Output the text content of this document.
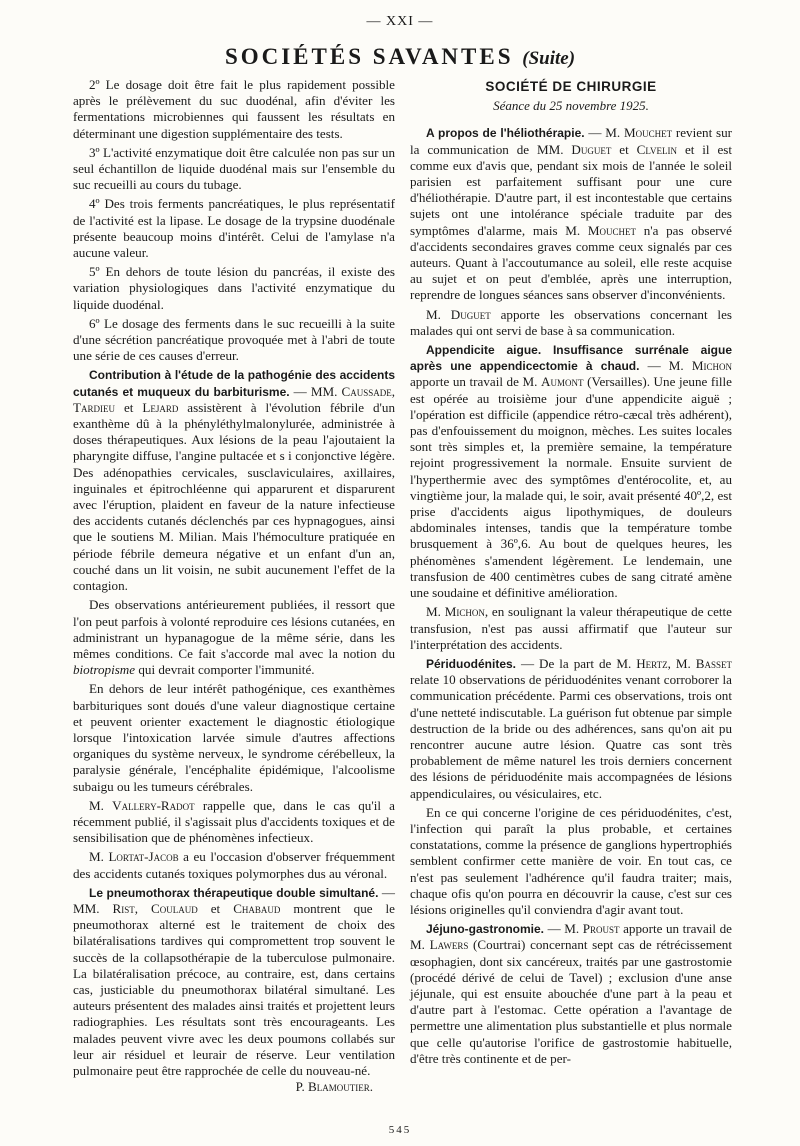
— XXI —
SOCIÉTÉS SAVANTES (Suite)

2º Le dosage doit être fait le plus rapidement possible après le prélèvement du suc duodénal, afin d'éviter les fermentations microbiennes qui faussent les résultats en déterminant une digestion supplémentaire des tests.

3º L'activité enzymatique doit être calculée non pas sur un seul échantillon de liquide duodénal mais sur l'ensemble du suc recueilli au cours du tubage.

4º Des trois ferments pancréatiques, le plus représentatif de l'activité est la lipase. Le dosage de la trypsine duodénale présente beaucoup moins d'intérêt. Celui de l'amylase n'a aucune valeur.

5º En dehors de toute lésion du pancréas, il existe des variation physiologiques dans l'activité enzymatique du liquide duodénal.

6º Le dosage des ferments dans le suc recueilli à la suite d'une sécrétion pancréatique provoquée met à l'abri de toute une série de ces causes d'erreur.

Contribution à l'étude de la pathogénie des accidents cutanés et muqueux du barbiturisme. — MM. Caussade, Tardieu et Lejard assistèrent à l'évolution fébrile d'un exanthème dû à la phényléthylmalonylurée, administrée à doses thérapeutiques. Aux lésions de la peau l'ajoutaient la pharyngite diffuse, l'angine pultacée et s i conjonctive légère. Des adénopathies cervicales, susclaviculaires, axillaires, inguinales et épitrochléenne qui apparurent et disparurent avec l'éruption, plaident en faveur de la nature infectieuse des accidents cutanés déclenchés par ces hypnagogues, ainsi que le soutiens M. Milian. Mais l'hémoculture pratiquée en période fébrile demeura négative et un enfant d'un an, couché dans un lit voisin, ne subit aucunement l'effet de la contagion.

Des observations antérieurement publiées, il ressort que l'on peut parfois à volonté reproduire ces lésions cutanées, en administrant un hypanagogue de la même série, dans les mêmes conditions. Ce fait s'accorde mal avec la notion du biotropisme qui devrait comporter l'immunité.

En dehors de leur intérêt pathogénique, ces exanthèmes barbituriques sont doués d'une valeur diagnostique certaine et peuvent orienter exactement le diagnostic étiologique lorsque l'intoxication larvée simule d'autres affections organiques du système nerveux, le syndrome cérébelleux, la paralysie générale, l'encéphalite épidémique, l'alcoolisme subaigu ou les tumeurs cérébrales.

M. Vallery-Radot rappelle que, dans le cas qu'il a récemment publié, il s'agissait plus d'accidents toxiques et de sensibilisation que de phénomènes infectieux.

M. Lortat-Jacob a eu l'occasion d'observer fréquemment des accidents cutanés toxiques polymorphes dus au véronal.

Le pneumothorax thérapeutique double simultané. — MM. Rist, Coulaud et Chabaud montrent que le pneumothorax alterné est le traitement de choix des bilatéralisations tardives qui compromettent trop souvent le succès de la collapsothérapie de la tuberculose pulmonaire. La bilatéralisation précoce, au contraire, est, dans certains cas, justiciable du pneumothorax bilatéral simultané. Les auteurs présentent des malades ainsi traités et projettent leurs radiographies. Les résultats sont très encourageants. Les malades peuvent vivre avec les deux poumons collabés sur leur air résiduel et leurair de réserve. Leur ventilation pulmonaire peut être rapprochée de celle du nouveau-né.

P. Blamoutier.
SOCIÉTÉ DE CHIRURGIE
Séance du 25 novembre 1925.

A propos de l'héliothérapie. — M. Mouchet revient sur la communication de MM. Duguet et Clvelin et il est comme eux d'avis que, pendant six mois de l'année le soleil parisien est parfaitement suffisant pour une cure d'héliothérapie. D'autre part, il est incontestable que certains sujets ont une intolérance spéciale traduite par des symptômes d'alarme, mais M. Mouchet n'a pas observé d'accidents secondaires graves comme ceux signalés par ces auteurs. Quant à l'accoutumance au soleil, elle reste acquise au sujet et on peut d'emblée, après une interruption, reprendre de longues séances sans observer d'inconvénients.

M. Duguet apporte les observations concernant les malades qui ont servi de base à sa communication.

Appendicite aigue. Insuffisance surrénale aigue après une appendicectomie à chaud. — M. Michon apporte un travail de M. Aumont (Versailles). Une jeune fille est opérée au troisième jour d'une appendicite aiguë ; l'opération est difficile (appendice rétro-cæcal très adhérent), pas d'enfouissement du moignon, mèches. Les suites locales sont très simples et, la première semaine, la température rejoint progressivement la normale. Ensuite survient de l'hyperthermie avec des symptômes d'entérocolite, et, au vingtième jour, la malade qui, le soir, avait présenté 40º,2, est prise d'accidents aigus lipothymiques, de douleurs abdominales intenses, tandis que la température tombe brusquement à 36º,6. Au bout de quelques heures, les phénomènes s'amendent légèrement. Le lendemain, une transfusion de 400 centimètres cubes de sang citraté amène une soudaine et définitive amélioration.

M. Michon, en soulignant la valeur thérapeutique de cette transfusion, n'est pas aussi affirmatif que l'auteur sur l'interprétation des accidents.

Périduodénites. — De la part de M. Hertz, M. Basset relate 10 observations de périduodénites venant corroborer la communication précédente. Parmi ces observations, trois ont d'une netteté indiscutable. La guérison fut obtenue par simple destruction de la bride ou des adhérences, sans qu'on ait pu rencontrer aucune autre lésion. Quatre cas sont très probablement de même naturel les trois derniers concernent des lésions de périduodénite mais accompagnées de lésions appendiculaires, ou vésiculaires, etc.

En ce qui concerne l'origine de ces périduodénites, c'est, l'infection qui paraît la plus probable, et certaines constatations, comme la présence de ganglions hypertrophiés semblent confirmer cette manière de voir. En tout cas, ce n'est pas seulement l'adhérence qu'il faudra traiter; mais, chaque ofis qu'on pourra en découvrir la cause, c'est sur ces lésions originelles qu'il conviendra d'agir avant tout.

Jéjuno-gastronomie. — M. Proust apporte un travail de M. Lawers (Courtrai) concernant sept cas de rétrécissement œsophagien, dont six cancéreux, traités par une gastrostomie (procédé dérivé de celui de Tavel) ; exclusion d'une anse jéjunale, qui est ensuite abouchée d'une part à la peau et d'autre part à l'estomac. Cette opération a l'avantage de permettre une alimentation plus substantielle et plus normale que celle qu'autorise l'orifice de gastrostomie habituelle, d'être très continente et de per-

545
